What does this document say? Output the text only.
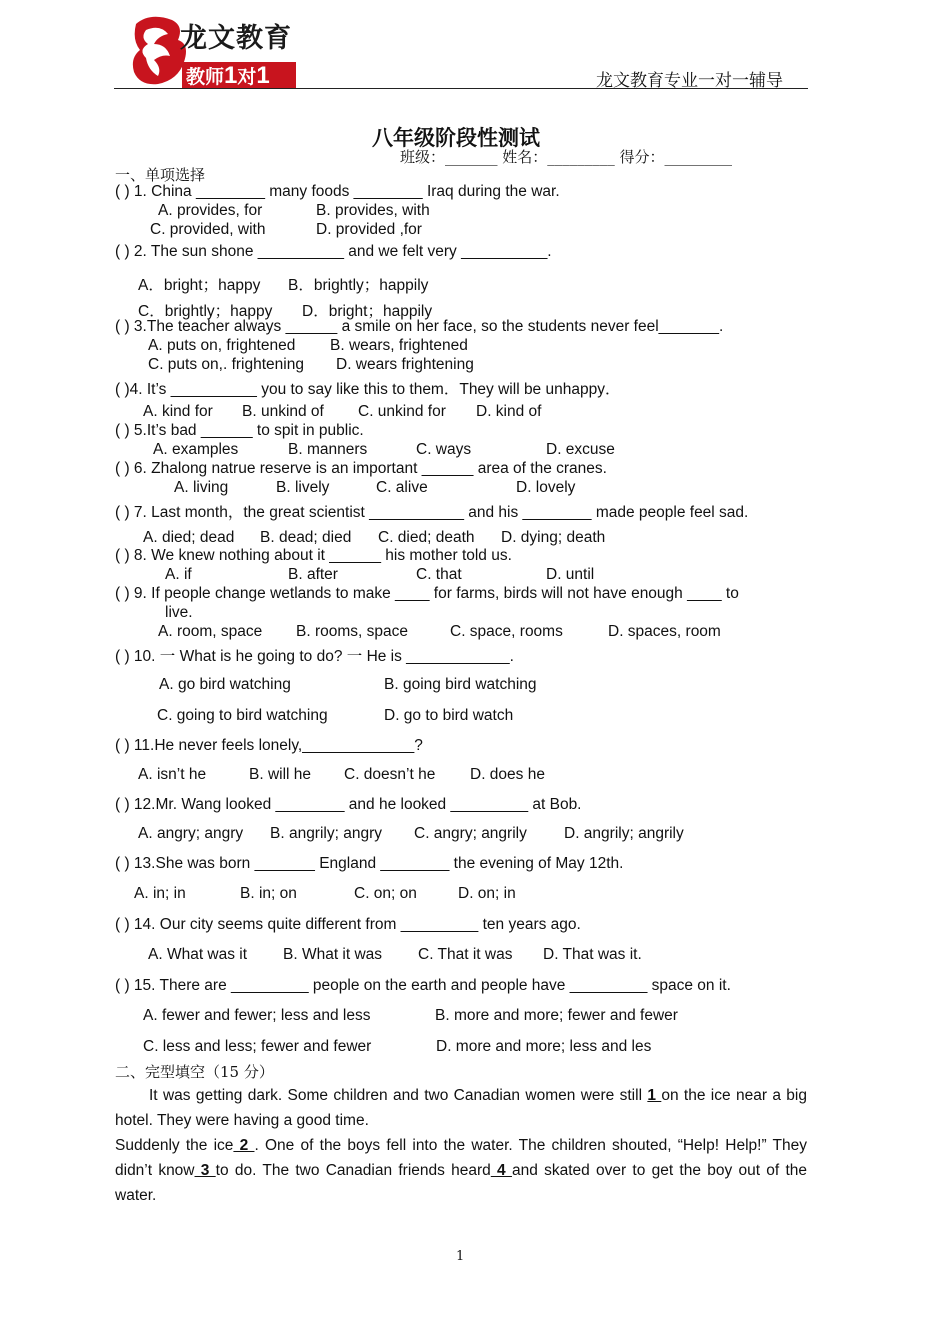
龙文教育
教师1对1	龙文教育专业一对一辅导
八年级阶段性测试
班级：_______ 姓名：_________ 得分：_________
一、单项选择
( ) 1. China ________ many foods ________ Iraq during the war.
A. provides, for	B. provides, with
C. provided, with	D. provided ,for
( ) 2. The sun shone __________ and we felt very __________.
A．bright；happy B．brightly；happily
C．brightly；happy D．bright；happily
( ) 3.The teacher always ______ a smile on her face, so the students never feel_______.
A. puts on, frightened B. wears, frightened
C. puts on,. frightening D. wears frightening
( )4. It’s __________ you to say like this to them．They will be unhappy．
A. kind for B. unkind of C. unkind for D. kind of
( ) 5.It’s bad ______ to spit in public.
A. examples	B. manners	C. ways	D. excuse
( ) 6. Zhalong natrue reserve is an important ______ area of the cranes.
A. living	B. lively	C. alive	D. lovely
( ) 7. Last month，the great scientist ___________ and his ________ made people feel sad.
A. died; dead B. dead; died C. died; death D. dying; death
( ) 8. We knew nothing about it ______ his mother told us.
A. if	B. after	C. that	D. until
( ) 9. If people change wetlands to make ____ for farms, birds will not have enough ____ to
live.
A. room, space B. rooms, space	C. space, rooms	D. spaces, room
( ) 10. 一 What is he going to do? 一 He is ____________.
A. go bird watching	B. going bird watching
C. going to bird watching	D. go to bird watch
( ) 11.He never feels lonely,_____________?
A. isn’t he	B. will he C. doesn’t he D. does he
( ) 12.Mr. Wang looked ________ and he looked _________ at Bob.
A. angry; angry B. angrily; angry C. angry; angrily D. angrily; angrily
( ) 13.She was born _______ England ________ the evening of May 12th.
A. in; in	B. in; on	C. on; on	D. on; in
( ) 14. Our city seems quite different from _________ ten years ago.
A. What was it B. What it was C. That it was D. That was it.
( ) 15. There are _________ people on the earth and people have _________ space on it.
A. fewer and fewer; less and less	B. more and more; fewer and fewer
C. less and less; fewer and fewer	D. more and more; less and les
二、完型填空（15 分）
It was getting dark. Some children and two Canadian women were still 1 on the ice near a big hotel. They were having a good time.
Suddenly the ice 2 . One of the boys fell into the water. The children shouted, “Help! Help!” They didn’t know 3 to do. The two Canadian friends heard 4 and skated over to get the boy out of the water.
1
